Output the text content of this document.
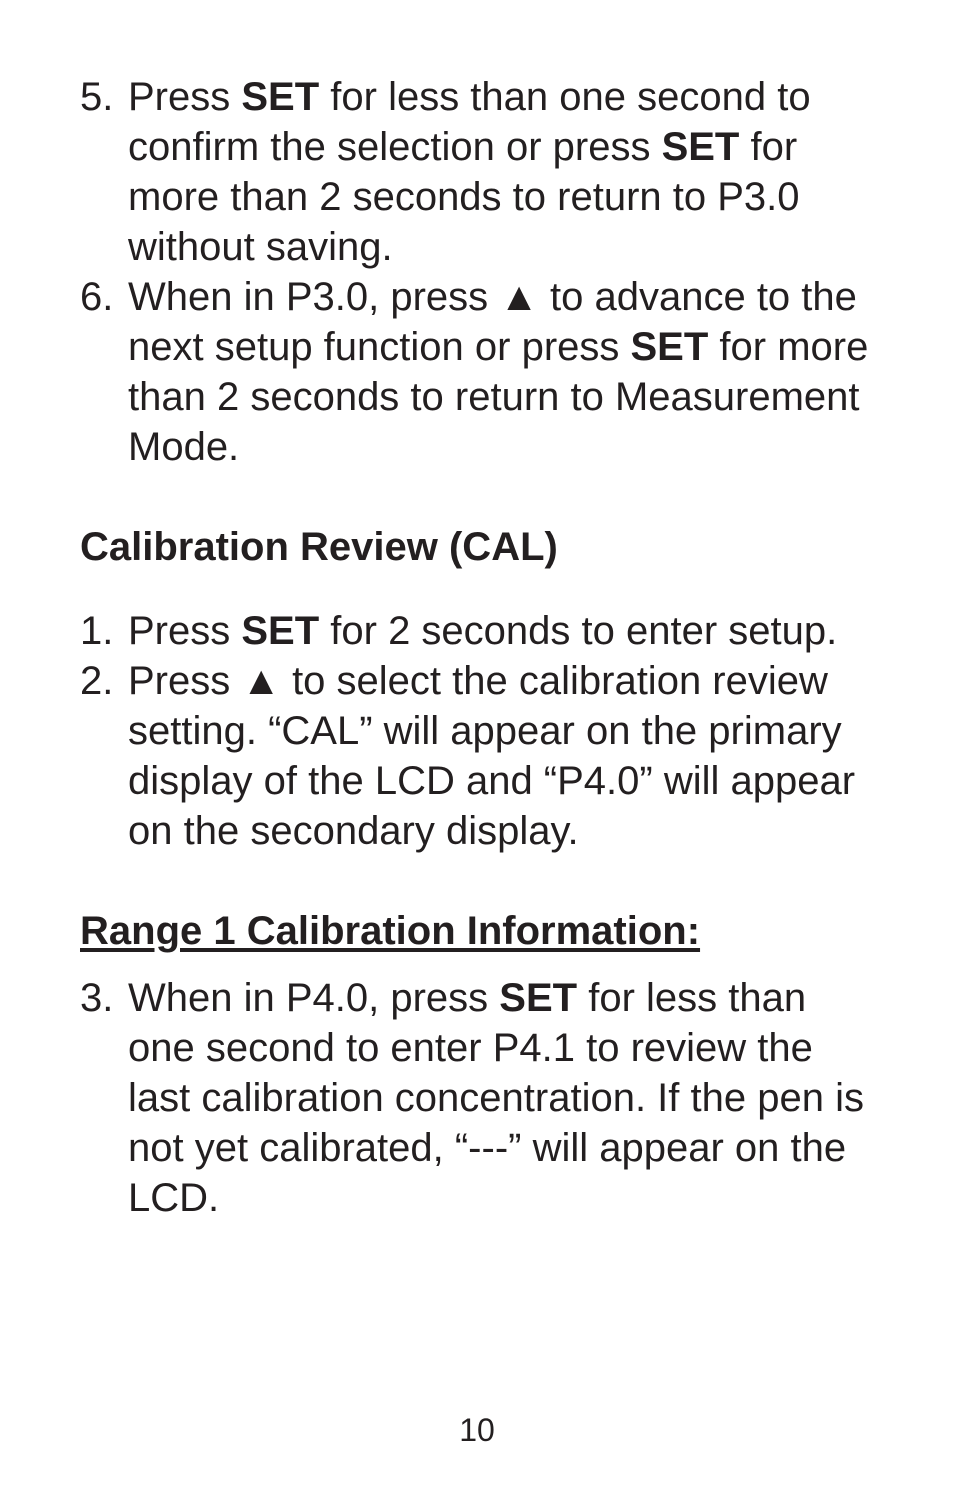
5. Press SET for less than one second to confirm the selection or press SET for more than 2 seconds to return to P3.0 without saving.
6. When in P3.0, press ▲ to advance to the next setup function or press SET for more than 2 seconds to return to Measurement Mode.
Calibration Review (CAL)
1. Press SET for 2 seconds to enter setup.
2. Press ▲ to select the calibration review setting. “CAL” will appear on the primary display of the LCD and “P4.0” will appear on the secondary display.
Range 1 Calibration Information:
3. When in P4.0, press SET for less than one second to enter P4.1 to review the last calibration concentration. If the pen is not yet calibrated, “---” will appear on the LCD.
10
